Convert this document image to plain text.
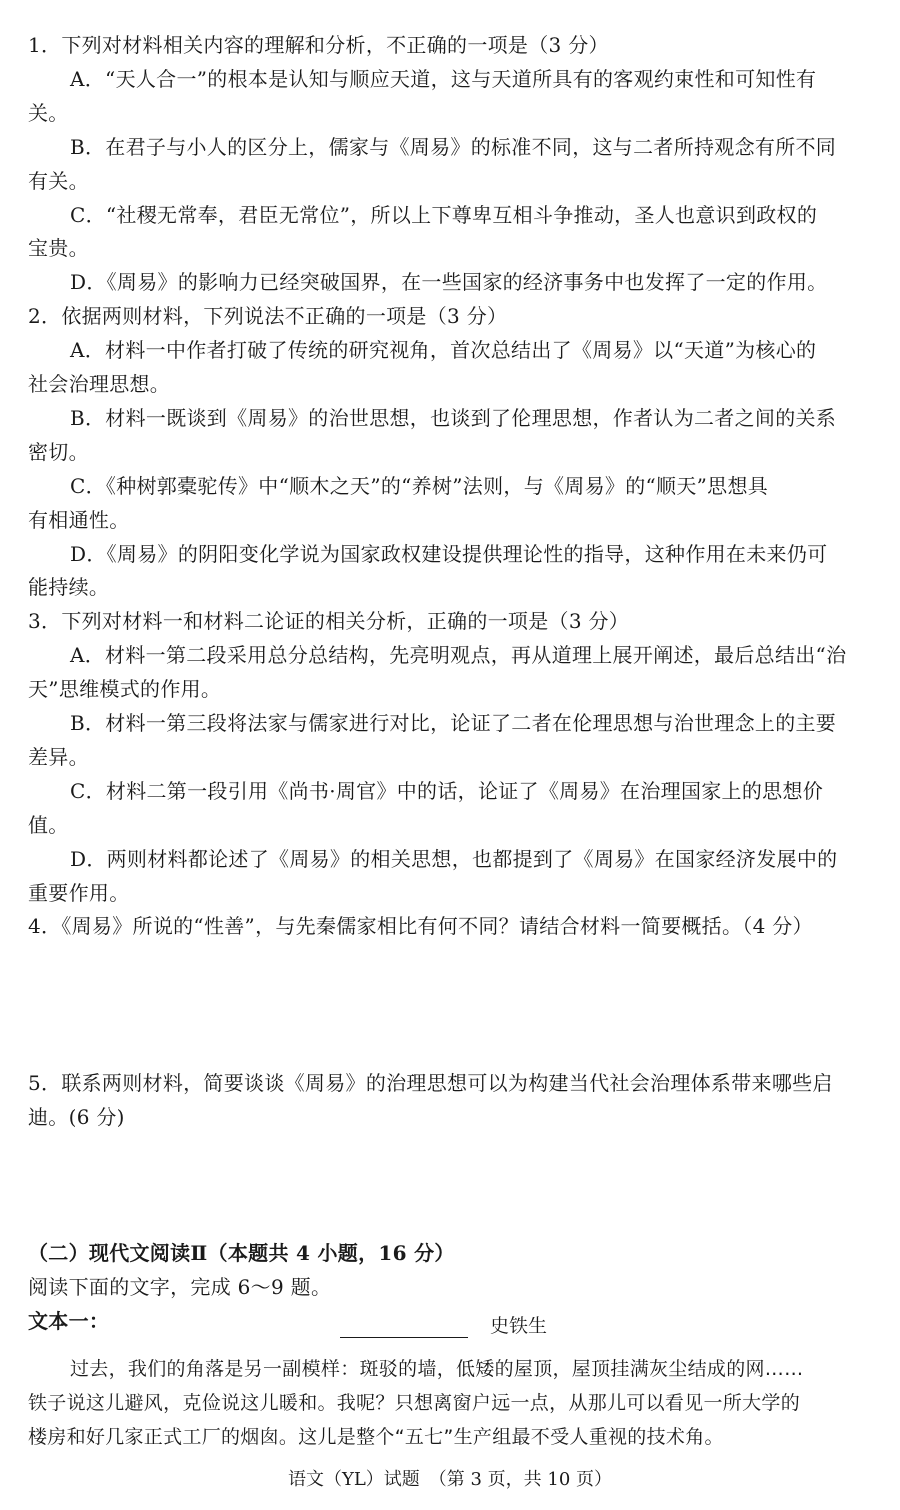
1．下列对材料相关内容的理解和分析，不正确的一项是（3 分）
A．“天人合一”的根本是认知与顺应天道，这与天道所具有的客观约束性和可知性有
关。
B．在君子与小人的区分上，儒家与《周易》的标准不同，这与二者所持观念有所不同
有关。
C．“社稷无常奉，君臣无常位”，所以上下尊卑互相斗争推动，圣人也意识到政权的
宝贵。
D．《周易》的影响力已经突破国界，在一些国家的经济事务中也发挥了一定的作用。
2．依据两则材料，下列说法不正确的一项是（3 分）
A．材料一中作者打破了传统的研究视角，首次总结出了《周易》以“天道”为核心的
社会治理思想。
B．材料一既谈到《周易》的治世思想，也谈到了伦理思想，作者认为二者之间的关系
密切。
C．《种树郭橐驼传》中“顺木之天”的“养树”法则，与《周易》的“顺天”思想具
有相通性。
D．《周易》的阴阳变化学说为国家政权建设提供理论性的指导，这种作用在未来仍可
能持续。
3．下列对材料一和材料二论证的相关分析，正确的一项是（3 分）
A．材料一第二段采用总分总结构，先亮明观点，再从道理上展开阐述，最后总结出“治
天”思维模式的作用。
B．材料一第三段将法家与儒家进行对比，论证了二者在伦理思想与治世理念上的主要
差异。
C．材料二第一段引用《尚书·周官》中的话，论证了《周易》在治理国家上的思想价
值。
D．两则材料都论述了《周易》的相关思想，也都提到了《周易》在国家经济发展中的
重要作用。
4．《周易》所说的“性善”，与先秦儒家相比有何不同？请结合材料一简要概括。（4 分）
5．联系两则材料，简要谈谈《周易》的治理思想可以为构建当代社会治理体系带来哪些启
迪。(6 分)
（二）现代文阅读Ⅱ（本题共 4 小题，16 分）
阅读下面的文字，完成 6～9 题。
文本一：	史铁生
过去，我们的角落是另一副模样：斑驳的墙，低矮的屋顶，屋顶挂满灰尘结成的网……
铁子说这儿避风，克俭说这儿暖和。我呢？只想离窗户远一点，从那儿可以看见一所大学的
楼房和好几家正式工厂的烟囱。这儿是整个“五七”生产组最不受人重视的技术角。
语文（YL）试题　（第 3 页，共 10 页）
